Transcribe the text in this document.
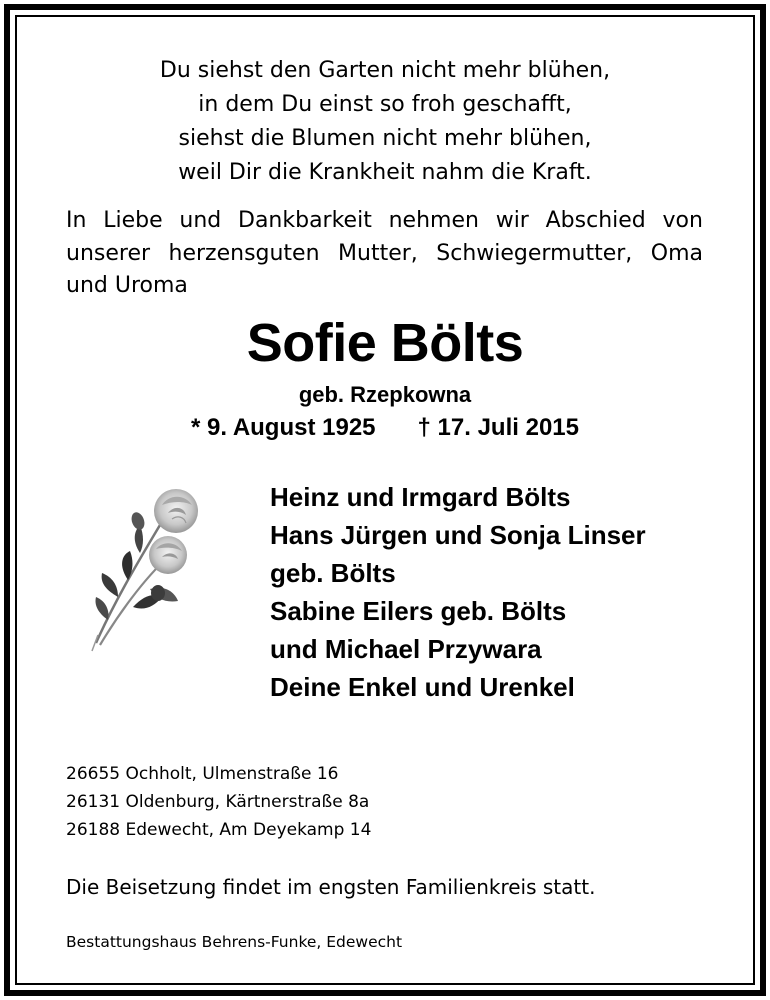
Du siehst den Garten nicht mehr blühen,
in dem Du einst so froh geschafft,
siehst die Blumen nicht mehr blühen,
weil Dir die Krankheit nahm die Kraft.
In Liebe und Dankbarkeit nehmen wir Abschied von
unserer herzensguten Mutter, Schwiegermutter, Oma
und Uroma
Sofie Bölts
geb. Rzepkowna
* 9. August 1925 † 17. Juli 2015
Heinz und Irmgard Bölts
Hans Jürgen und Sonja Linser
geb. Bölts
Sabine Eilers geb. Bölts
und Michael Przywara
Deine Enkel und Urenkel
26655 Ochholt, Ulmenstraße 16
26131 Oldenburg, Kärtnerstraße 8a
26188 Edewecht, Am Deyekamp 14
Die Beisetzung findet im engsten Familienkreis statt.
Bestattungshaus Behrens-Funke, Edewecht
